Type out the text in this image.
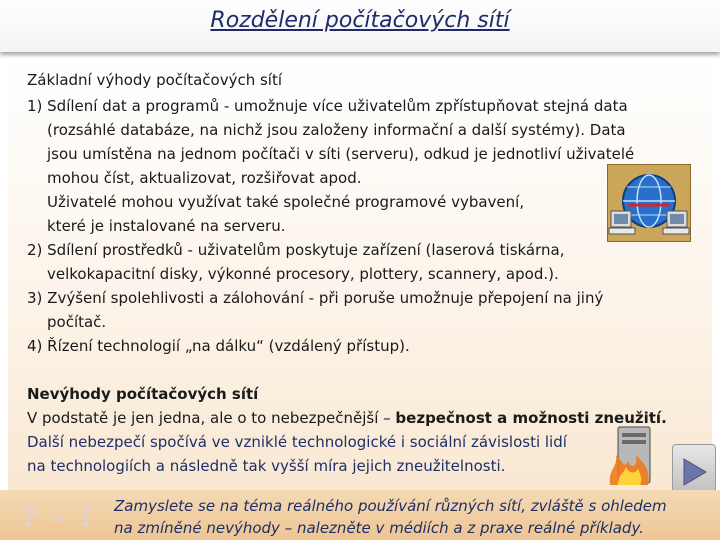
Rozdělení počítačových sítí
Základní výhody počítačových sítí
1) Sdílení dat a programů - umožnuje více uživatelům zpřístupňovat stejná data
(rozsáhlé databáze, na nichž jsou založeny informační a další systémy). Data
jsou umístěna na jednom počítači v síti (serveru), odkud je jednotliví uživatelé
mohou číst, aktualizovat, rozšiřovat apod.
Uživatelé mohou využívat také společné programové vybavení,
které je instalované na serveru.
2) Sdílení prostředků - uživatelům poskytuje zařízení (laserová tiskárna,
velkokapacitní disky, výkonné procesory, plottery, scannery, apod.).
3) Zvýšení spolehlivosti a zálohování - při poruše umožnuje přepojení na jiný
počítač.
4) Řízení technologií „na dálku“ (vzdálený přístup).
Nevýhody počítačových sítí
V podstatě je jen jedna, ale o to nebezpečnější – bezpečnost a možnosti zneužití.
Další nebezpečí spočívá ve vzniklé technologické i sociální závislosti lidí
na technologiích a následně tak vyšší míra jejich zneužitelnosti.
? - ! Zamyslete se na téma reálného používání různých sítí, zvláště s ohledem
na zmíněné nevýhody – nalezněte v médiích a z praxe reálné příklady.
